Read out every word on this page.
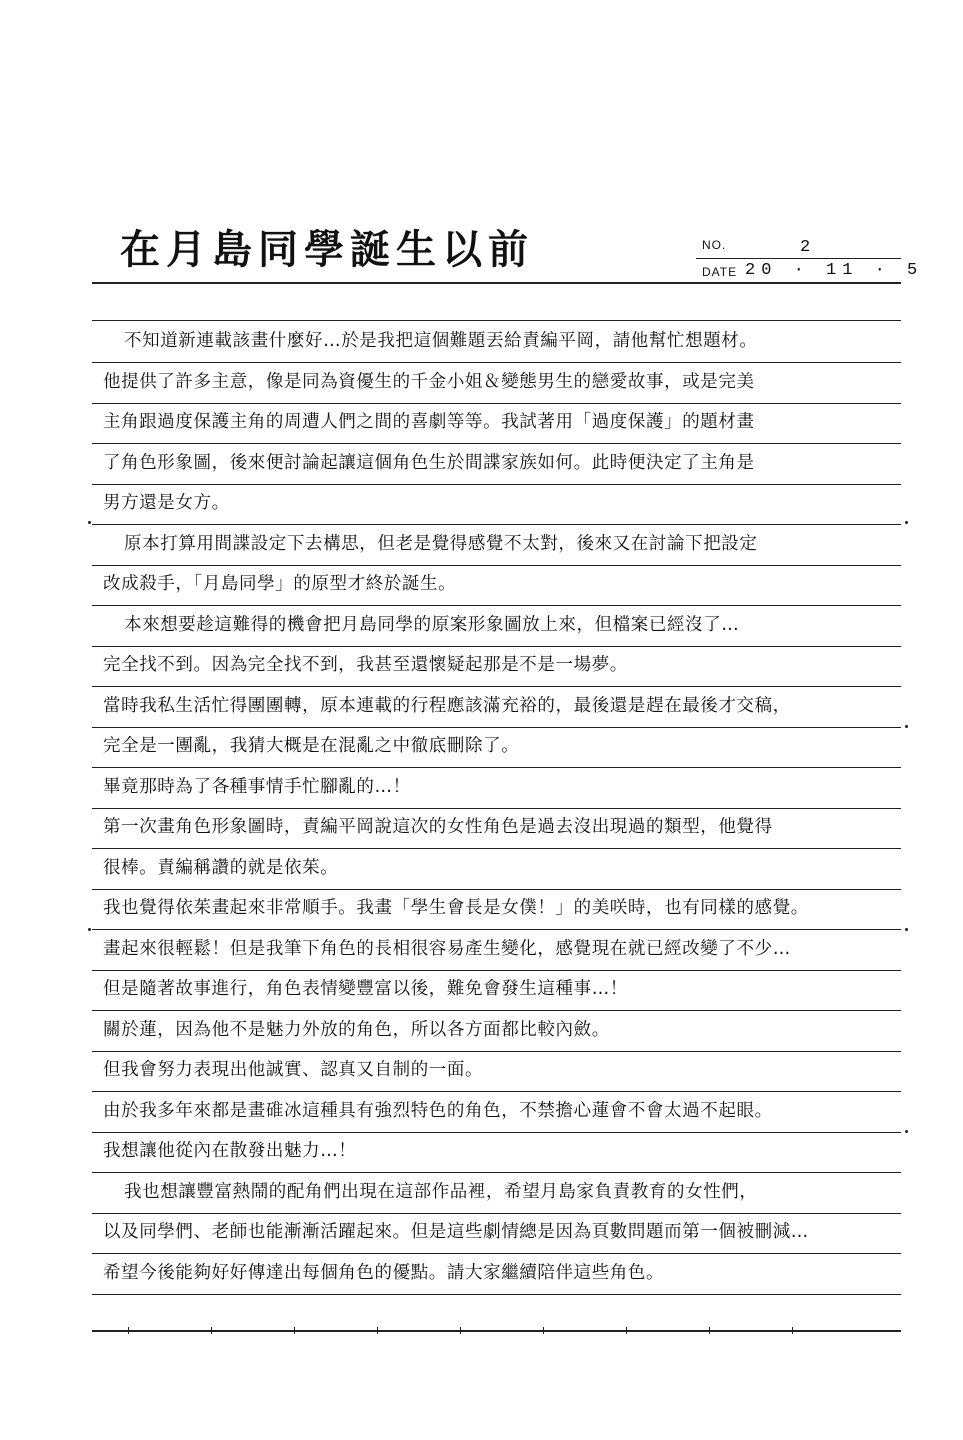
在月島同學誕生以前	NO.	2
DATE 20 · 11 · 5
不知道新連載該畫什麼好…於是我把這個難題丟給責編平岡，請他幫忙想題材。
他提供了許多主意，像是同為資優生的千金小姐＆變態男生的戀愛故事，或是完美
主角跟過度保護主角的周遭人們之間的喜劇等等。我試著用「過度保護」的題材畫
了角色形象圖，後來便討論起讓這個角色生於間諜家族如何。此時便決定了主角是
男方還是女方。
原本打算用間諜設定下去構思，但老是覺得感覺不太對，後來又在討論下把設定
改成殺手，「月島同學」的原型才終於誕生。
本來想要趁這難得的機會把月島同學的原案形象圖放上來，但檔案已經沒了…
完全找不到。因為完全找不到，我甚至還懷疑起那是不是一場夢。
當時我私生活忙得團團轉，原本連載的行程應該滿充裕的，最後還是趕在最後才交稿，
完全是一團亂，我猜大概是在混亂之中徹底刪除了。
畢竟那時為了各種事情手忙腳亂的…！
第一次畫角色形象圖時，責編平岡說這次的女性角色是過去沒出現過的類型，他覺得
很棒。責編稱讚的就是依茱。
我也覺得依茱畫起來非常順手。我畫「學生會長是女僕！」的美咲時，也有同樣的感覺。
畫起來很輕鬆！但是我筆下角色的長相很容易產生變化，感覺現在就已經改變了不少…
但是隨著故事進行，角色表情變豐富以後，難免會發生這種事…！
關於蓮，因為他不是魅力外放的角色，所以各方面都比較內斂。
但我會努力表現出他誠實、認真又自制的一面。
由於我多年來都是畫碓冰這種具有強烈特色的角色，不禁擔心蓮會不會太過不起眼。
我想讓他從內在散發出魅力…！
我也想讓豐富熱鬧的配角們出現在這部作品裡，希望月島家負責教育的女性們，
以及同學們、老師也能漸漸活躍起來。但是這些劇情總是因為頁數問題而第一個被刪減…
希望今後能夠好好傳達出每個角色的優點。請大家繼續陪伴這些角色。
